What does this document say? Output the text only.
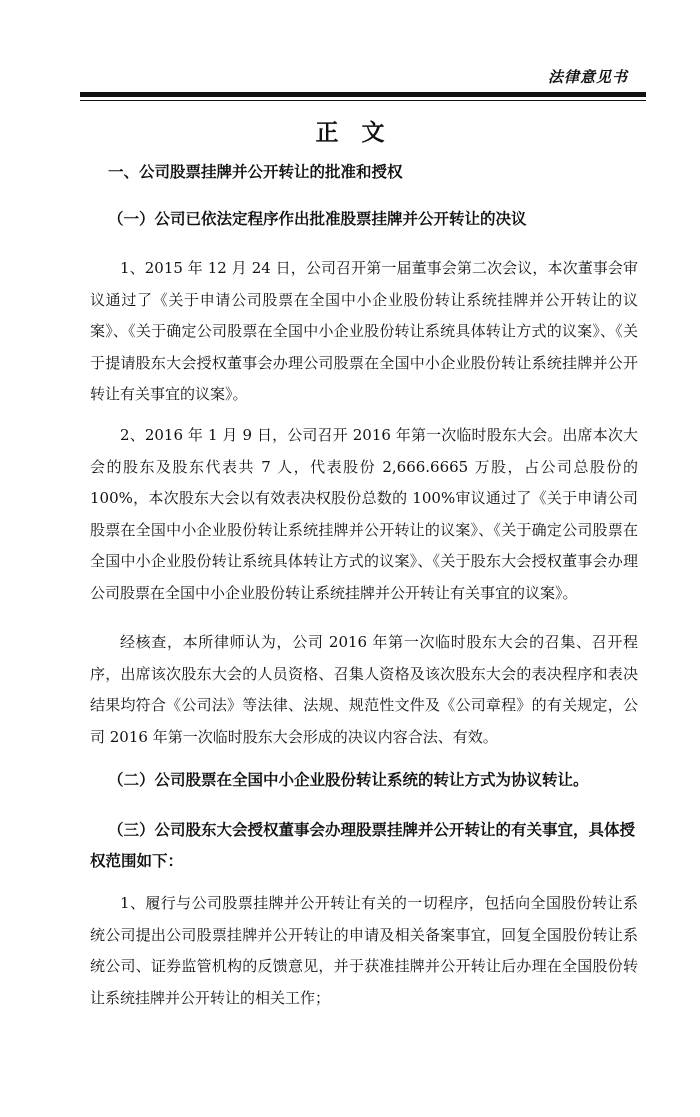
法律意见书
正　文
一、公司股票挂牌并公开转让的批准和授权
（一）公司已依法定程序作出批准股票挂牌并公开转让的决议

1、2015 年 12 月 24 日，公司召开第一届董事会第二次会议，本次董事会审议通过了《关于申请公司股票在全国中小企业股份转让系统挂牌并公开转让的议案》、《关于确定公司股票在全国中小企业股份转让系统具体转让方式的议案》、《关于提请股东大会授权董事会办理公司股票在全国中小企业股份转让系统挂牌并公开转让有关事宜的议案》。

2、2016 年 1 月 9 日，公司召开 2016 年第一次临时股东大会。出席本次大会的股东及股东代表共 7 人，代表股份 2,666.6665 万股，占公司总股份的 100%，本次股东大会以有效表决权股份总数的 100%审议通过了《关于申请公司股票在全国中小企业股份转让系统挂牌并公开转让的议案》、《关于确定公司股票在全国中小企业股份转让系统具体转让方式的议案》、《关于股东大会授权董事会办理公司股票在全国中小企业股份转让系统挂牌并公开转让有关事宜的议案》。

经核查，本所律师认为，公司 2016 年第一次临时股东大会的召集、召开程序，出席该次股东大会的人员资格、召集人资格及该次股东大会的表决程序和表决结果均符合《公司法》等法律、法规、规范性文件及《公司章程》的有关规定，公司 2016 年第一次临时股东大会形成的决议内容合法、有效。

（二）公司股票在全国中小企业股份转让系统的转让方式为协议转让。
（三）公司股东大会授权董事会办理股票挂牌并公开转让的有关事宜，具体授权范围如下：

1、履行与公司股票挂牌并公开转让有关的一切程序，包括向全国股份转让系统公司提出公司股票挂牌并公开转让的申请及相关备案事宜，回复全国股份转让系统公司、证券监管机构的反馈意见，并于获准挂牌并公开转让后办理在全国股份转让系统挂牌并公开转让的相关工作；
